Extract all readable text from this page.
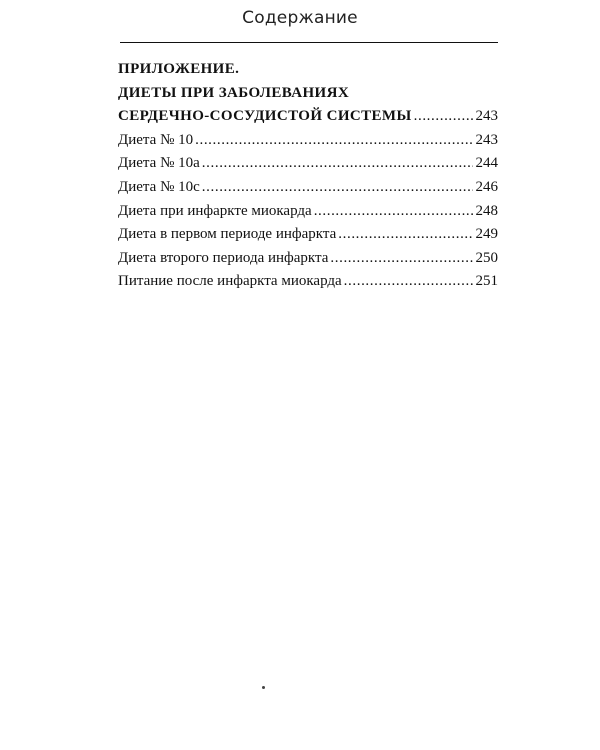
Содержание
ПРИЛОЖЕНИЕ.
ДИЕТЫ ПРИ ЗАБОЛЕВАНИЯХ
СЕРДЕЧНО-СОСУДИСТОЙ СИСТЕМЫ .....	243
Диета № 10 .....	243
Диета № 10а .....	244
Диета № 10с .....	246
Диета при инфаркте миокарда .....	248
Диета в первом периоде инфаркта .....	249
Диета второго периода инфаркта .....	250
Питание после инфаркта миокарда .....	251
